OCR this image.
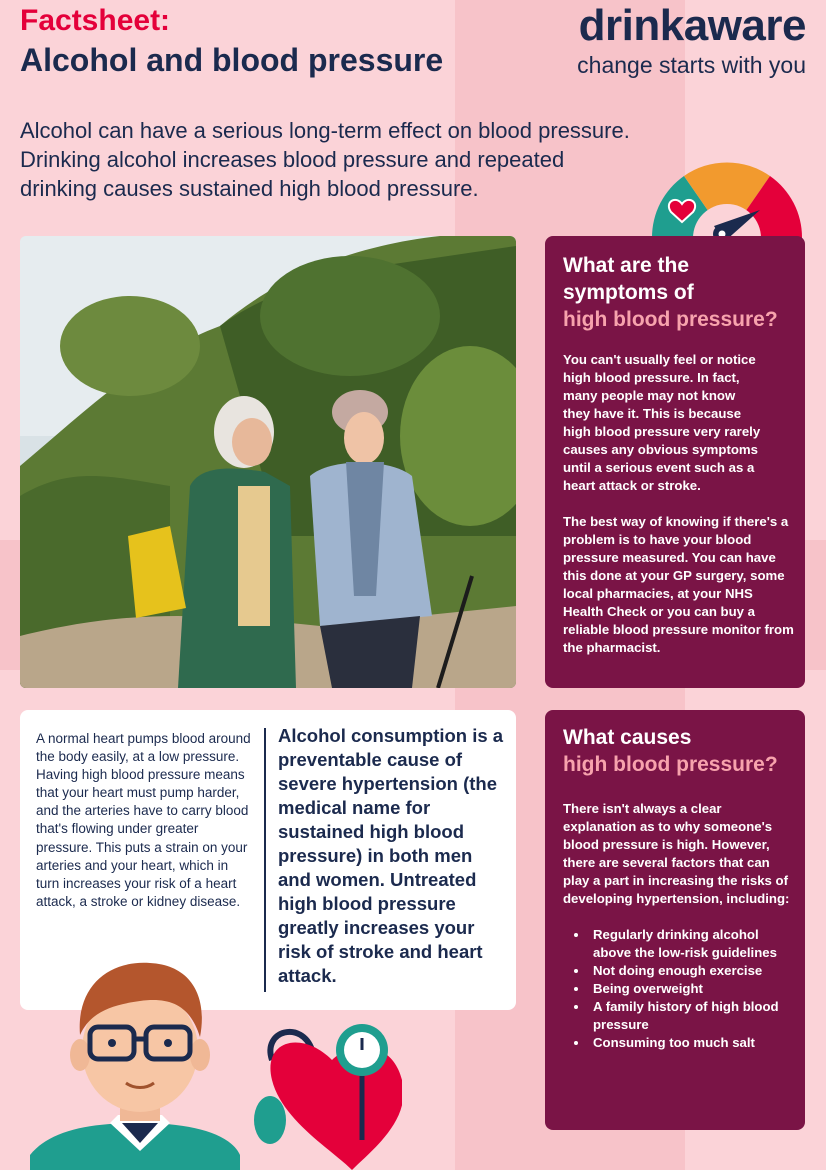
Factsheet:
Alcohol and blood pressure
drinkaware
change starts with you

Alcohol can have a serious long-term effect on blood pressure. Drinking alcohol increases blood pressure and repeated drinking causes sustained high blood pressure.

What are the
symptoms of
high blood pressure?

You can't usually feel or notice high blood pressure. In fact, many people may not know they have it. This is because high blood pressure very rarely causes any obvious symptoms until a serious event such as a heart attack or stroke.

The best way of knowing if there's a problem is to have your blood pressure measured. You can have this done at your GP surgery, some local pharmacies, at your NHS Health Check or you can buy a reliable blood pressure monitor from the pharmacist.

A normal heart pumps blood around the body easily, at a low pressure. Having high blood pressure means that your heart must pump harder, and the arteries have to carry blood that's flowing under greater pressure. This puts a strain on your arteries and your heart, which in turn increases your risk of a heart attack, a stroke or kidney disease.

Alcohol consumption is a preventable cause of severe hypertension (the medical name for sustained high blood pressure) in both men and women. Untreated high blood pressure greatly increases your risk of stroke and heart attack.

What causes
high blood pressure?

There isn't always a clear explanation as to why someone's blood pressure is high. However, there are several factors that can play a part in increasing the risks of developing hypertension, including:

• Regularly drinking alcohol above the low-risk guidelines
• Not doing enough exercise
• Being overweight
• A family history of high blood pressure
• Consuming too much salt
